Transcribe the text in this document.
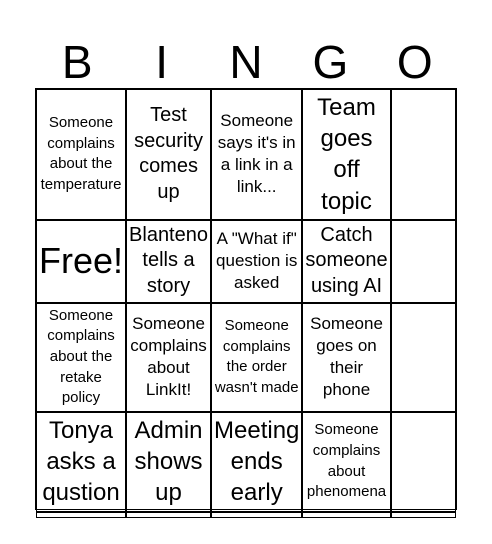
B	I	N	G	O
Someone complains about the temperature
Test security comes up
Someone says it's in a link in a link...
Team goes off topic
Free!
Blanteno tells a story
A "What if" question is asked
Catch someone using AI
Someone complains about the retake policy
Someone complains about LinkIt!
Someone complains the order wasn't made
Someone goes on their phone
Tonya asks a qustion
Admin shows up
Meeting ends early
Someone complains about phenomena
